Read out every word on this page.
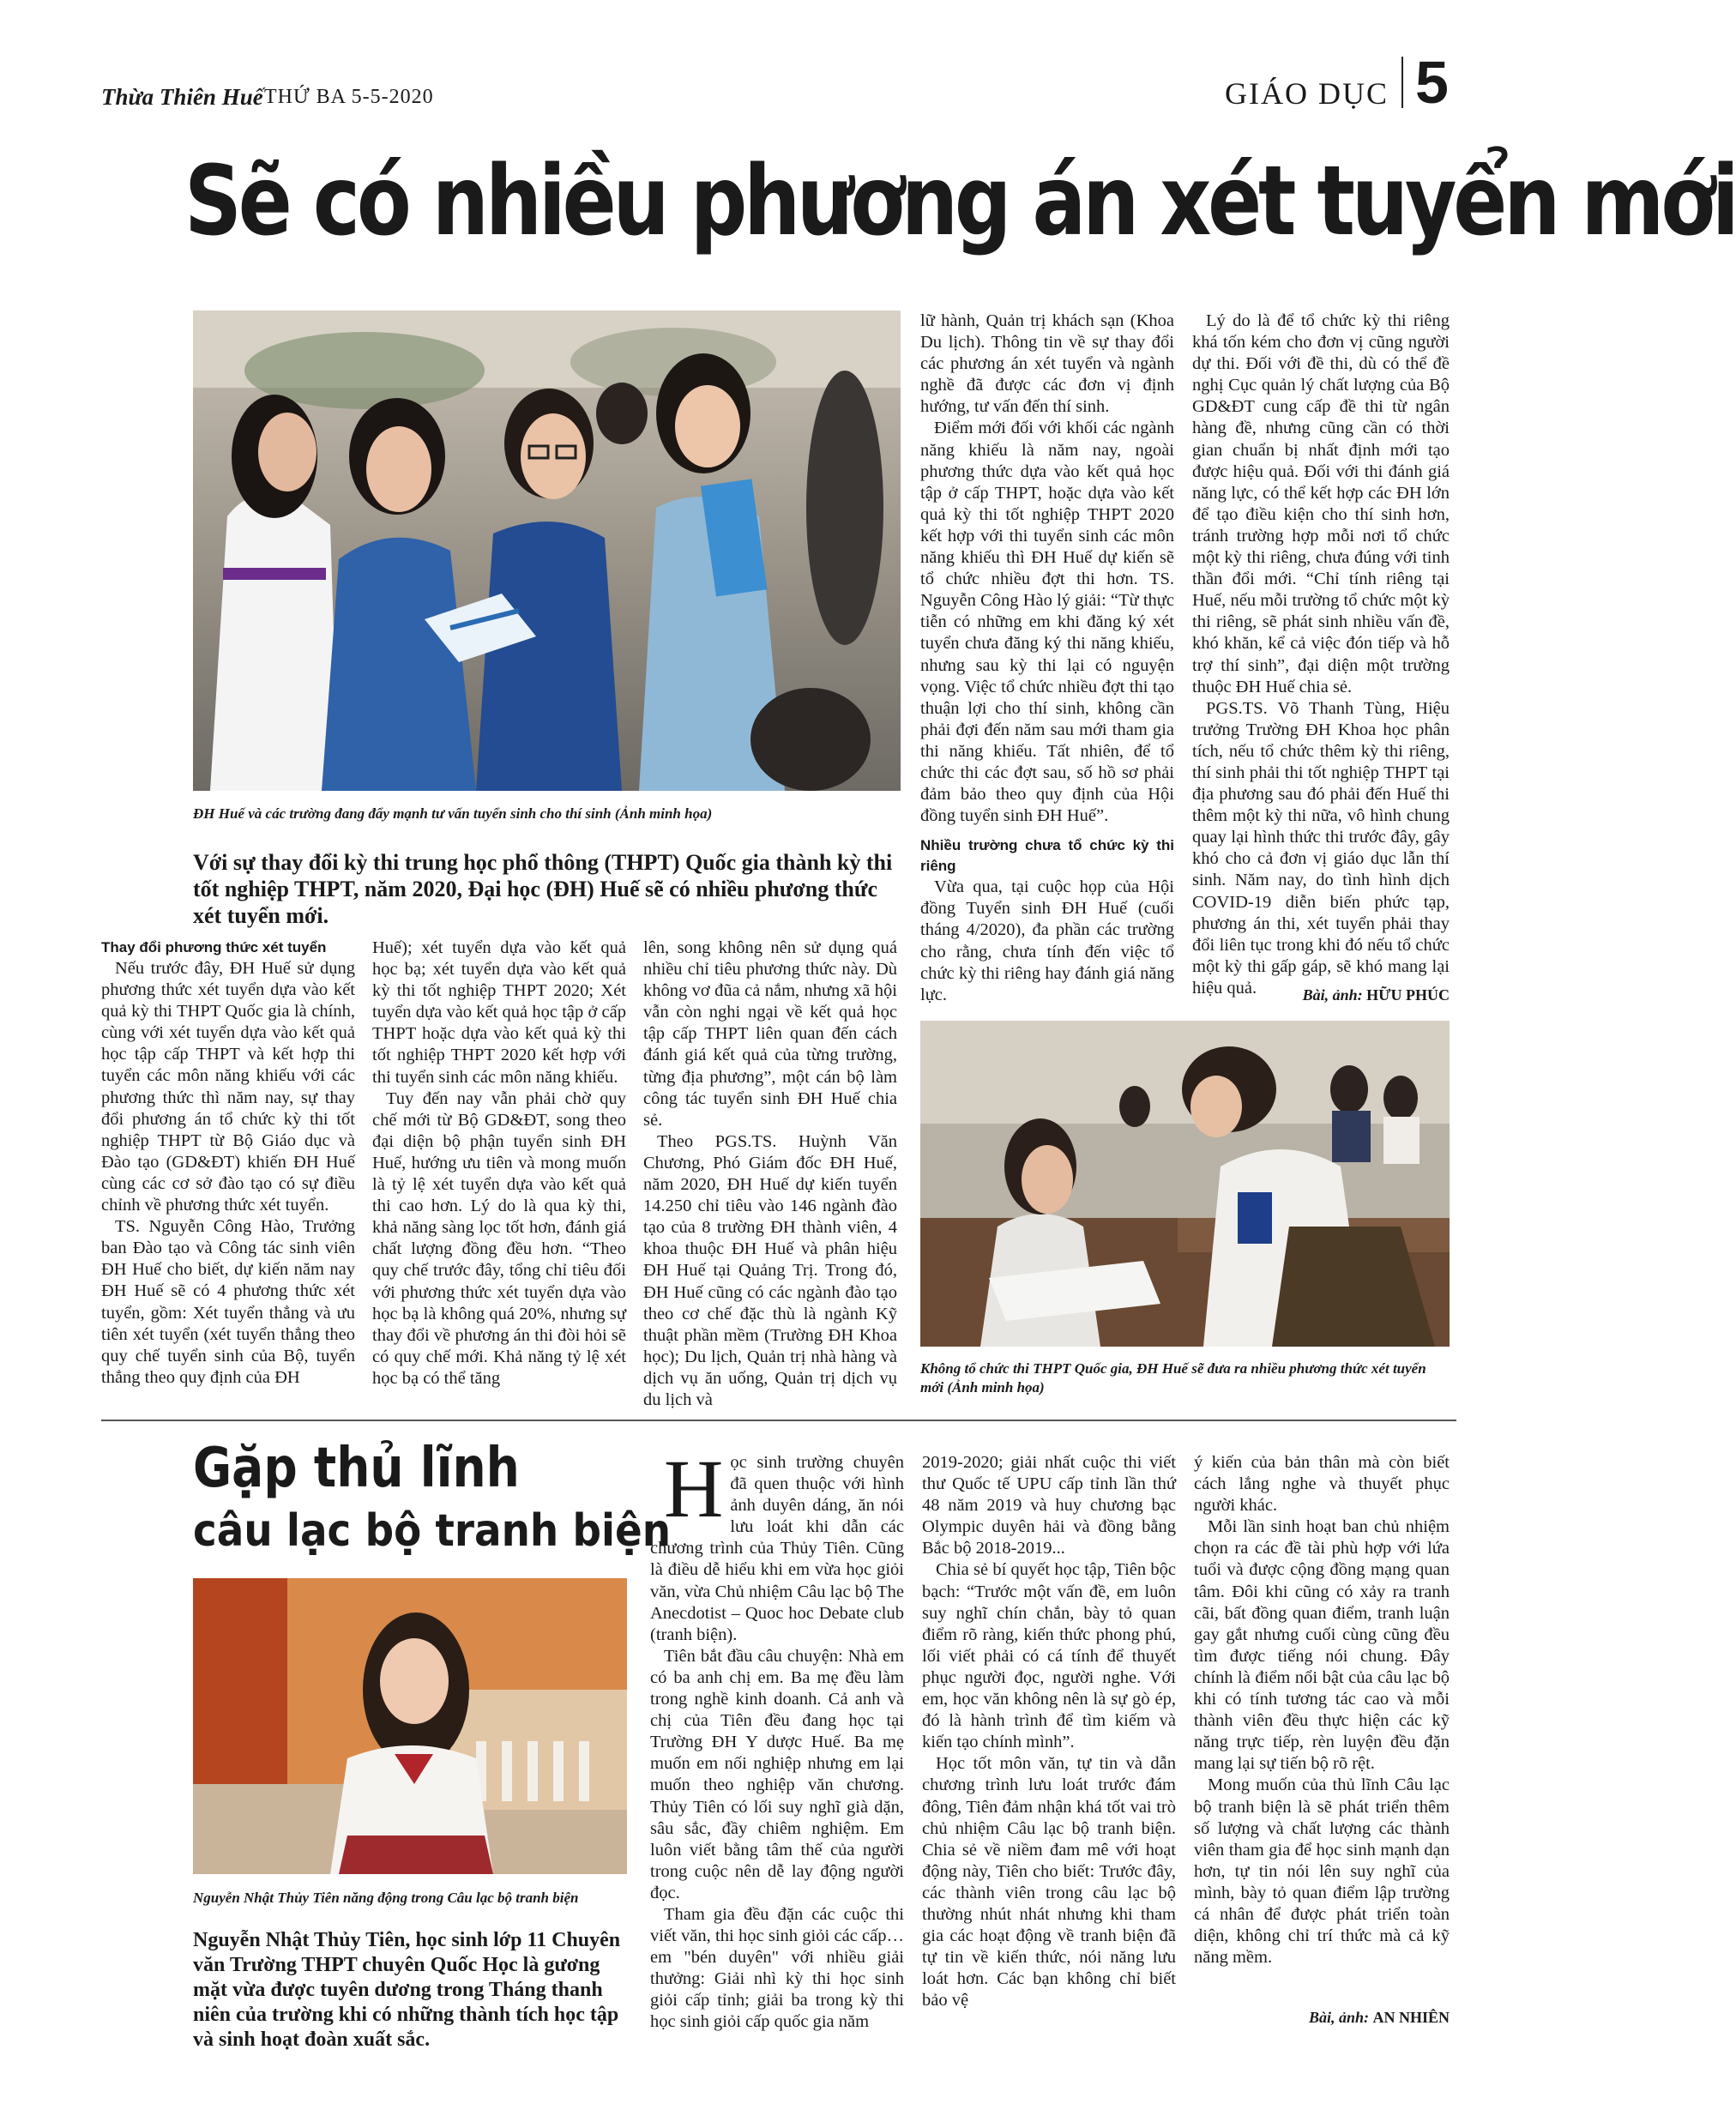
Thừa Thiên Huế THỨ BA 5-5-2020	GIÁO DỤC 5
Sẽ có nhiều phương án xét tuyển mới
ĐH Huế và các trường đang đẩy mạnh tư vấn tuyển sinh cho thí sinh (Ảnh minh họa)
Với sự thay đổi kỳ thi trung học phổ thông (THPT) Quốc gia thành kỳ thi tốt nghiệp THPT, năm 2020, Đại học (ĐH) Huế sẽ có nhiều phương thức xét tuyển mới.

Thay đổi phương thức xét tuyển

Nếu trước đây, ĐH Huế sử dụng phương thức xét tuyển dựa vào kết quả kỳ thi THPT Quốc gia là chính, cùng với xét tuyển dựa vào kết quả học tập cấp THPT và kết hợp thi tuyển các môn năng khiếu với các phương thức thì năm nay, sự thay đổi phương án tổ chức kỳ thi tốt nghiệp THPT từ Bộ Giáo dục và Đào tạo (GD&ĐT) khiến ĐH Huế cùng các cơ sở đào tạo có sự điều chỉnh về phương thức xét tuyển.

TS. Nguyễn Công Hào, Trưởng ban Đào tạo và Công tác sinh viên ĐH Huế cho biết, dự kiến năm nay ĐH Huế sẽ có 4 phương thức xét tuyển, gồm: Xét tuyển thẳng và ưu tiên xét tuyển (xét tuyển thẳng theo quy chế tuyển sinh của Bộ, tuyển thẳng theo quy định của ĐH

Huế); xét tuyển dựa vào kết quả học bạ; xét tuyển dựa vào kết quả kỳ thi tốt nghiệp THPT 2020; Xét tuyển dựa vào kết quả học tập ở cấp THPT hoặc dựa vào kết quả kỳ thi tốt nghiệp THPT 2020 kết hợp với thi tuyển sinh các môn năng khiếu.

Tuy đến nay vẫn phải chờ quy chế mới từ Bộ GD&ĐT, song theo đại diện bộ phận tuyển sinh ĐH Huế, hướng ưu tiên và mong muốn là tỷ lệ xét tuyển dựa vào kết quả thi cao hơn. Lý do là qua kỳ thi, khả năng sàng lọc tốt hơn, đánh giá chất lượng đồng đều hơn. “Theo quy chế trước đây, tổng chỉ tiêu đối với phương thức xét tuyển dựa vào học bạ là không quá 20%, nhưng sự thay đổi về phương án thi đòi hỏi sẽ có quy chế mới. Khả năng tỷ lệ xét học bạ có thể tăng

lên, song không nên sử dụng quá nhiều chỉ tiêu phương thức này. Dù không vơ đũa cả nắm, nhưng xã hội vẫn còn nghi ngại về kết quả học tập cấp THPT liên quan đến cách đánh giá kết quả của từng trường, từng địa phương”, một cán bộ làm công tác tuyển sinh ĐH Huế chia sẻ.

Theo PGS.TS. Huỳnh Văn Chương, Phó Giám đốc ĐH Huế, năm 2020, ĐH Huế dự kiến tuyển 14.250 chỉ tiêu vào 146 ngành đào tạo của 8 trường ĐH thành viên, 4 khoa thuộc ĐH Huế và phân hiệu ĐH Huế tại Quảng Trị. Trong đó, ĐH Huế cũng có các ngành đào tạo theo cơ chế đặc thù là ngành Kỹ thuật phần mềm (Trường ĐH Khoa học); Du lịch, Quản trị nhà hàng và dịch vụ ăn uống, Quản trị dịch vụ du lịch và

lữ hành, Quản trị khách sạn (Khoa Du lịch). Thông tin về sự thay đổi các phương án xét tuyển và ngành nghề đã được các đơn vị định hướng, tư vấn đến thí sinh.

Điểm mới đối với khối các ngành năng khiếu là năm nay, ngoài phương thức dựa vào kết quả học tập ở cấp THPT, hoặc dựa vào kết quả kỳ thi tốt nghiệp THPT 2020 kết hợp với thi tuyển sinh các môn năng khiếu thì ĐH Huế dự kiến sẽ tổ chức nhiều đợt thi hơn. TS. Nguyễn Công Hào lý giải: “Từ thực tiễn có những em khi đăng ký xét tuyển chưa đăng ký thi năng khiếu, nhưng sau kỳ thi lại có nguyện vọng. Việc tổ chức nhiều đợt thi tạo thuận lợi cho thí sinh, không cần phải đợi đến năm sau mới tham gia thi năng khiếu. Tất nhiên, để tổ chức thi các đợt sau, số hồ sơ phải đảm bảo theo quy định của Hội đồng tuyển sinh ĐH Huế”.

Nhiều trường chưa tổ chức kỳ thi riêng

Vừa qua, tại cuộc họp của Hội đồng Tuyển sinh ĐH Huế (cuối tháng 4/2020), đa phần các trường cho rằng, chưa tính đến việc tổ chức kỳ thi riêng hay đánh giá năng lực.

Lý do là để tổ chức kỳ thi riêng khá tốn kém cho đơn vị cũng người dự thi. Đối với đề thi, dù có thể đề nghị Cục quản lý chất lượng của Bộ GD&ĐT cung cấp đề thi từ ngân hàng đề, nhưng cũng cần có thời gian chuẩn bị nhất định mới tạo được hiệu quả. Đối với thi đánh giá năng lực, có thể kết hợp các ĐH lớn để tạo điều kiện cho thí sinh hơn, tránh trường hợp mỗi nơi tổ chức một kỳ thi riêng, chưa đúng với tinh thần đổi mới. “Chỉ tính riêng tại Huế, nếu mỗi trường tổ chức một kỳ thi riêng, sẽ phát sinh nhiều vấn đề, khó khăn, kể cả việc đón tiếp và hỗ trợ thí sinh”, đại diện một trường thuộc ĐH Huế chia sẻ.

PGS.TS. Võ Thanh Tùng, Hiệu trưởng Trường ĐH Khoa học phân tích, nếu tổ chức thêm kỳ thi riêng, thí sinh phải thi tốt nghiệp THPT tại địa phương sau đó phải đến Huế thi thêm một kỳ thi nữa, vô hình chung quay lại hình thức thi trước đây, gây khó cho cả đơn vị giáo dục lẫn thí sinh. Năm nay, do tình hình dịch COVID-19 diễn biến phức tạp, phương án thi, xét tuyển phải thay đổi liên tục trong khi đó nếu tổ chức một kỳ thi gấp gáp, sẽ khó mang lại hiệu quả.	Bài, ảnh: HỮU PHÚC
Không tổ chức thi THPT Quốc gia, ĐH Huế sẽ đưa ra nhiều phương thức xét tuyển mới (Ảnh minh họa)
Gặp thủ lĩnh
câu lạc bộ tranh biện
Nguyễn Nhật Thủy Tiên năng động trong Câu lạc bộ tranh biện
Nguyễn Nhật Thủy Tiên, học sinh lớp 11 Chuyên văn Trường THPT chuyên Quốc Học là gương mặt vừa được tuyên dương trong Tháng thanh niên của trường khi có những thành tích học tập và sinh hoạt đoàn xuất sắc.
H ọc sinh trường chuyên đã quen thuộc với hình ảnh duyên dáng, ăn nói lưu loát khi dẫn các chương trình của Thủy Tiên. Cũng là điều dễ hiểu khi em vừa học giỏi văn, vừa Chủ nhiệm Câu lạc bộ The Anecdotist – Quoc hoc Debate club (tranh biện).

Tiên bắt đầu câu chuyện: Nhà em có ba anh chị em. Ba mẹ đều làm trong nghề kinh doanh. Cả anh và chị của Tiên đều đang học tại Trường ĐH Y dược Huế. Ba mẹ muốn em nối nghiệp nhưng em lại muốn theo nghiệp văn chương. Thủy Tiên có lối suy nghĩ già dặn, sâu sắc, đầy chiêm nghiệm. Em luôn viết bằng tâm thế của người trong cuộc nên dễ lay động người đọc.

Tham gia đều đặn các cuộc thi viết văn, thi học sinh giỏi các cấp… em "bén duyên" với nhiều giải thưởng: Giải nhì kỳ thi học sinh giỏi cấp tỉnh; giải ba trong kỳ thi học sinh giỏi cấp quốc gia năm

2019-2020; giải nhất cuộc thi viết thư Quốc tế UPU cấp tỉnh lần thứ 48 năm 2019 và huy chương bạc Olympic duyên hải và đồng bằng Bắc bộ 2018-2019...

Chia sẻ bí quyết học tập, Tiên bộc bạch: “Trước một vấn đề, em luôn suy nghĩ chín chắn, bày tỏ quan điểm rõ ràng, kiến thức phong phú, lối viết phải có cá tính để thuyết phục người đọc, người nghe. Với em, học văn không nên là sự gò ép, đó là hành trình để tìm kiếm và kiến tạo chính mình”.

Học tốt môn văn, tự tin và dẫn chương trình lưu loát trước đám đông, Tiên đảm nhận khá tốt vai trò chủ nhiệm Câu lạc bộ tranh biện. Chia sẻ về niềm đam mê với hoạt động này, Tiên cho biết: Trước đây, các thành viên trong câu lạc bộ thường nhút nhát nhưng khi tham gia các hoạt động về tranh biện đã tự tin về kiến thức, nói năng lưu loát hơn. Các bạn không chỉ biết bảo vệ

ý kiến của bản thân mà còn biết cách lắng nghe và thuyết phục người khác.

Mỗi lần sinh hoạt ban chủ nhiệm chọn ra các đề tài phù hợp với lứa tuổi và được cộng đồng mạng quan tâm. Đôi khi cũng có xảy ra tranh cãi, bất đồng quan điểm, tranh luận gay gắt nhưng cuối cùng cũng đều tìm được tiếng nói chung. Đây chính là điểm nổi bật của câu lạc bộ khi có tính tương tác cao và mỗi thành viên đều thực hiện các kỹ năng trực tiếp, rèn luyện đều đặn mang lại sự tiến bộ rõ rệt.

Mong muốn của thủ lĩnh Câu lạc bộ tranh biện là sẽ phát triển thêm số lượng và chất lượng các thành viên tham gia để học sinh mạnh dạn hơn, tự tin nói lên suy nghĩ của mình, bày tỏ quan điểm lập trường cá nhân để được phát triển toàn diện, không chỉ trí thức mà cả kỹ năng mềm.

Bài, ảnh: AN NHIÊN
